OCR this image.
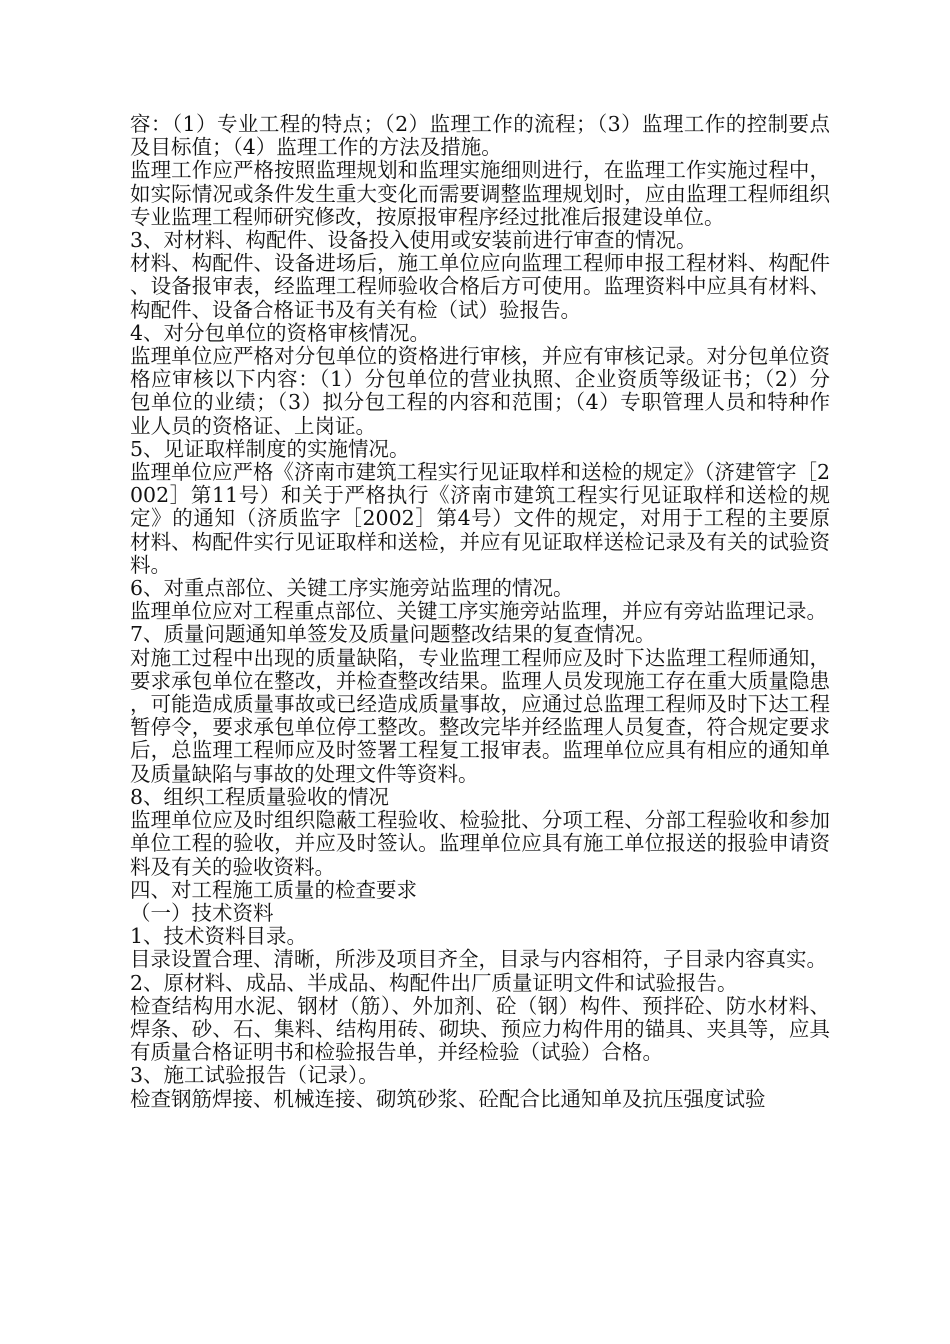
容：（1）专业工程的特点；（2）监理工作的流程；（3）监理工作的控制要点及目标值；（4）监理工作的方法及措施。

监理工作应严格按照监理规划和监理实施细则进行，在监理工作实施过程中，如实际情况或条件发生重大变化而需要调整监理规划时，应由监理工程师组织专业监理工程师研究修改，按原报审程序经过批准后报建设单位。

3、对材料、构配件、设备投入使用或安装前进行审查的情况。

材料、构配件、设备进场后，施工单位应向监理工程师申报工程材料、构配件、设备报审表，经监理工程师验收合格后方可使用。监理资料中应具有材料、构配件、设备合格证书及有关有检（试）验报告。

4、对分包单位的资格审核情况。

监理单位应严格对分包单位的资格进行审核，并应有审核记录。对分包单位资格应审核以下内容：（1）分包单位的营业执照、企业资质等级证书；（2）分包单位的业绩；（3）拟分包工程的内容和范围；（4）专职管理人员和特种作业人员的资格证、上岗证。

5、见证取样制度的实施情况。

监理单位应严格《济南市建筑工程实行见证取样和送检的规定》（济建管字［2002］第11号）和关于严格执行《济南市建筑工程实行见证取样和送检的规定》的通知（济质监字［2002］第4号）文件的规定，对用于工程的主要原材料、构配件实行见证取样和送检，并应有见证取样送检记录及有关的试验资料。

6、对重点部位、关键工序实施旁站监理的情况。

监理单位应对工程重点部位、关键工序实施旁站监理，并应有旁站监理记录。

7、质量问题通知单签发及质量问题整改结果的复查情况。

对施工过程中出现的质量缺陷，专业监理工程师应及时下达监理工程师通知，要求承包单位在整改，并检查整改结果。监理人员发现施工存在重大质量隐患，可能造成质量事故或已经造成质量事故，应通过总监理工程师及时下达工程暂停令，要求承包单位停工整改。整改完毕并经监理人员复查，符合规定要求后，总监理工程师应及时签署工程复工报审表。监理单位应具有相应的通知单及质量缺陷与事故的处理文件等资料。

8、组织工程质量验收的情况

监理单位应及时组织隐蔽工程验收、检验批、分项工程、分部工程验收和参加单位工程的验收，并应及时签认。监理单位应具有施工单位报送的报验申请资料及有关的验收资料。

四、对工程施工质量的检查要求

（一）技术资料

1、技术资料目录。

目录设置合理、清晰，所涉及项目齐全，目录与内容相符，子目录内容真实。

2、原材料、成品、半成品、构配件出厂质量证明文件和试验报告。

检查结构用水泥、钢材（筋）、外加剂、砼（钢）构件、预拌砼、防水材料、焊条、砂、石、集料、结构用砖、砌块、预应力构件用的锚具、夹具等，应具有质量合格证明书和检验报告单，并经检验（试验）合格。

3、施工试验报告（记录）。

检查钢筋焊接、机械连接、砌筑砂浆、砼配合比通知单及抗压强度试验
